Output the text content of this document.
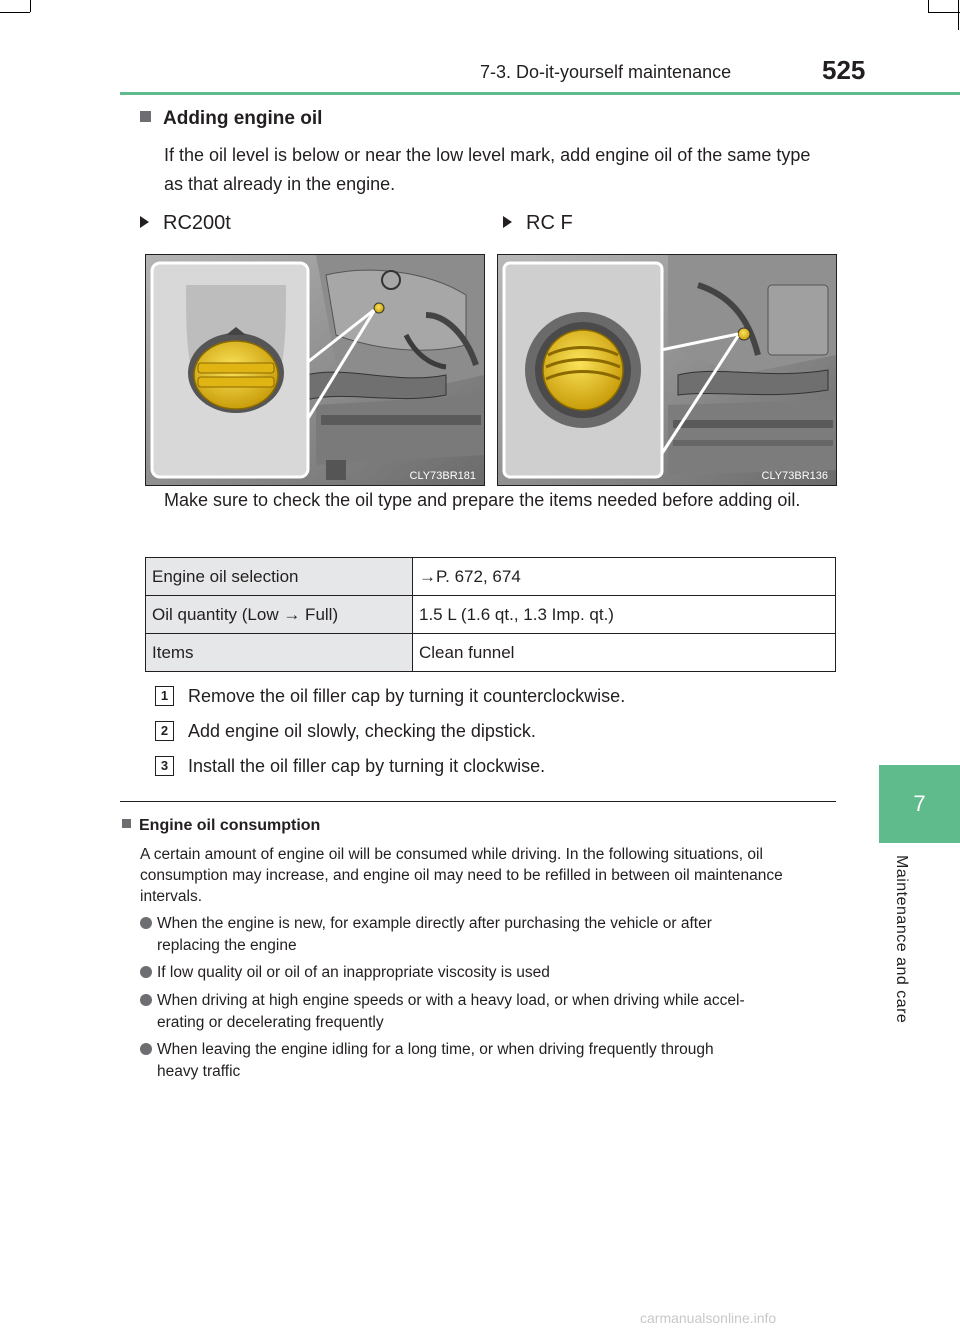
7-3. Do-it-yourself maintenance	525
7
Maintenance and care
Adding engine oil
If the oil level is below or near the low level mark, add engine oil of the same type as that already in the engine.
RC200t	RC F
CLY73BR181	CLY73BR136
Make sure to check the oil type and prepare the items needed before adding oil.
Engine oil selection	→P. 672, 674
Oil quantity (Low → Full)	1.5 L (1.6 qt., 1.3 Imp. qt.)
Items	Clean funnel
1 Remove the oil filler cap by turning it counterclockwise.
2 Add engine oil slowly, checking the dipstick.
3 Install the oil filler cap by turning it clockwise.
Engine oil consumption
A certain amount of engine oil will be consumed while driving. In the following situations, oil consumption may increase, and engine oil may need to be refilled in between oil maintenance intervals.
When the engine is new, for example directly after purchasing the vehicle or after
replacing the engine
If low quality oil or oil of an inappropriate viscosity is used
When driving at high engine speeds or with a heavy load, or when driving while accel-
erating or decelerating frequently
When leaving the engine idling for a long time, or when driving frequently through
heavy traffic
carmanualsonline.info
